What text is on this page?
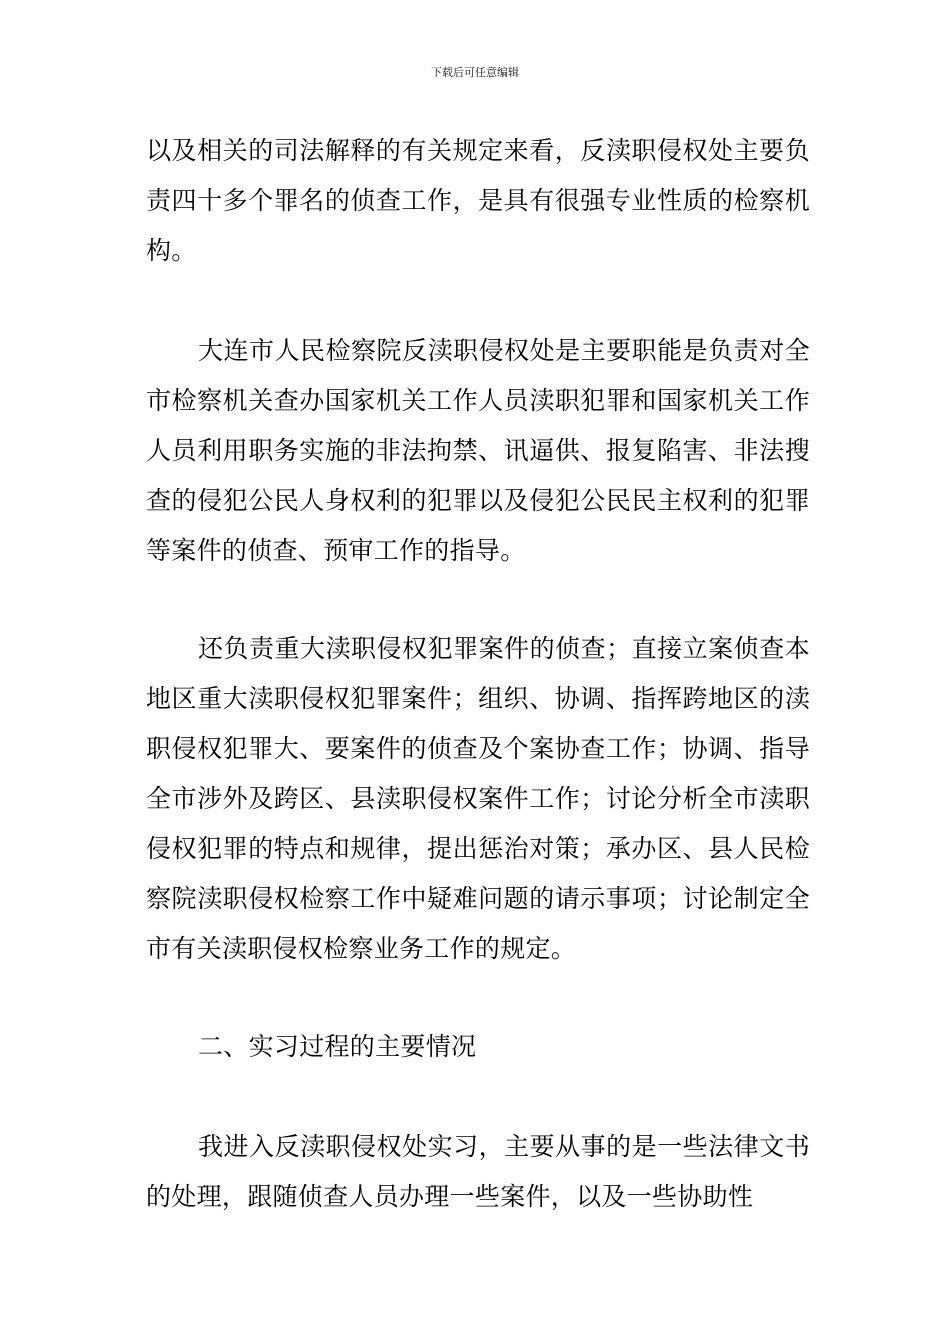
下载后可任意编辑

以及相关的司法解释的有关规定来看，反渎职侵权处主要负责四十多个罪名的侦查工作，是具有很强专业性质的检察机构。

大连市人民检察院反渎职侵权处是主要职能是负责对全市检察机关查办国家机关工作人员渎职犯罪和国家机关工作人员利用职务实施的非法拘禁、讯逼供、报复陷害、非法搜查的侵犯公民人身权利的犯罪以及侵犯公民民主权利的犯罪等案件的侦查、预审工作的指导。

还负责重大渎职侵权犯罪案件的侦查；直接立案侦查本地区重大渎职侵权犯罪案件；组织、协调、指挥跨地区的渎职侵权犯罪大、要案件的侦查及个案协查工作；协调、指导全市涉外及跨区、县渎职侵权案件工作；讨论分析全市渎职侵权犯罪的特点和规律，提出惩治对策；承办区、县人民检察院渎职侵权检察工作中疑难问题的请示事项；讨论制定全市有关渎职侵权检察业务工作的规定。

二、实习过程的主要情况

我进入反渎职侵权处实习，主要从事的是一些法律文书的处理，跟随侦查人员办理一些案件，以及一些协助性
